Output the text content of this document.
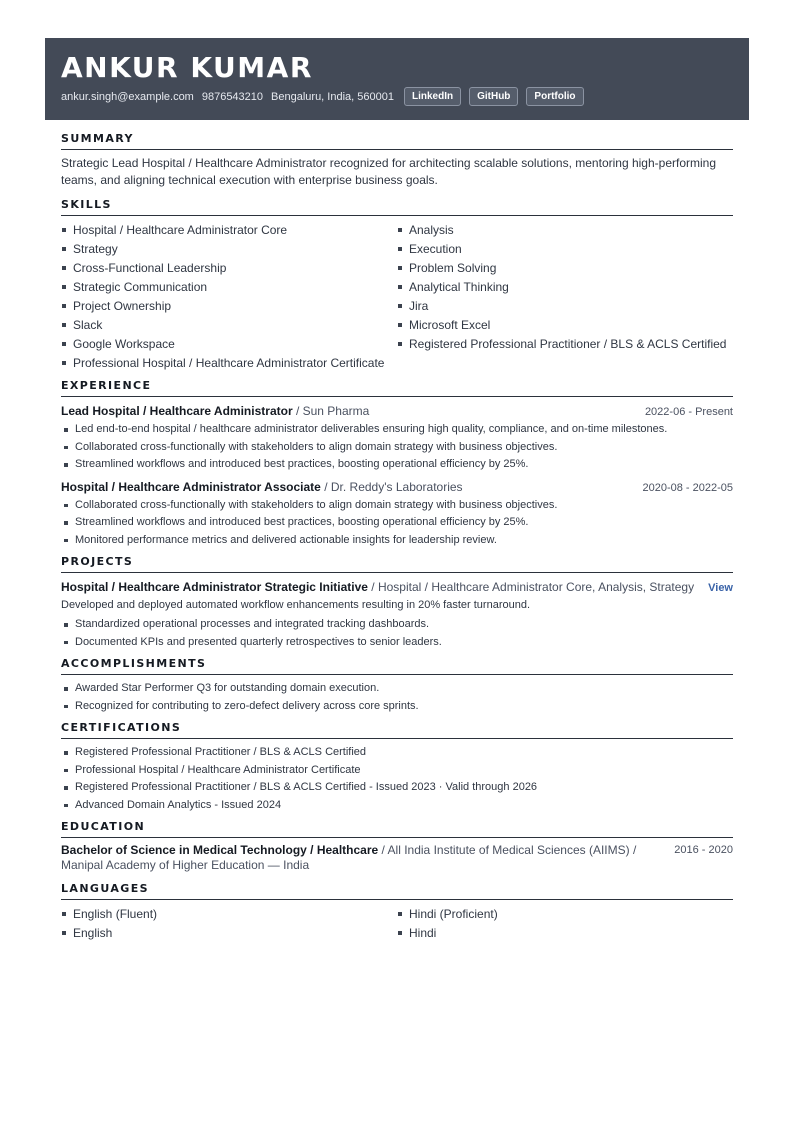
ANKUR KUMAR
ankur.singh@example.com 9876543210 Bengaluru, India, 560001	LinkedIn	GitHub	Portfolio
SUMMARY
Strategic Lead Hospital / Healthcare Administrator recognized for architecting scalable solutions, mentoring high-performing teams, and aligning technical execution with enterprise business goals.
SKILLS
Hospital / Healthcare Administrator Core
Strategy
Cross-Functional Leadership
Strategic Communication
Project Ownership
Slack
Google Workspace
Professional Hospital / Healthcare Administrator Certificate
Analysis
Execution
Problem Solving
Analytical Thinking
Jira
Microsoft Excel
Registered Professional Practitioner / BLS & ACLS Certified
EXPERIENCE
Lead Hospital / Healthcare Administrator / Sun Pharma	2022-06 - Present
Led end-to-end hospital / healthcare administrator deliverables ensuring high quality, compliance, and on-time milestones.
Collaborated cross-functionally with stakeholders to align domain strategy with business objectives.
Streamlined workflows and introduced best practices, boosting operational efficiency by 25%.
Hospital / Healthcare Administrator Associate / Dr. Reddy's Laboratories	2020-08 - 2022-05
Collaborated cross-functionally with stakeholders to align domain strategy with business objectives.
Streamlined workflows and introduced best practices, boosting operational efficiency by 25%.
Monitored performance metrics and delivered actionable insights for leadership review.
PROJECTS
Hospital / Healthcare Administrator Strategic Initiative / Hospital / Healthcare Administrator Core, Analysis, Strategy View
Developed and deployed automated workflow enhancements resulting in 20% faster turnaround.
Standardized operational processes and integrated tracking dashboards.
Documented KPIs and presented quarterly retrospectives to senior leaders.
ACCOMPLISHMENTS
Awarded Star Performer Q3 for outstanding domain execution.
Recognized for contributing to zero-defect delivery across core sprints.
CERTIFICATIONS
Registered Professional Practitioner / BLS & ACLS Certified
Professional Hospital / Healthcare Administrator Certificate
Registered Professional Practitioner / BLS & ACLS Certified - Issued 2023 · Valid through 2026
Advanced Domain Analytics - Issued 2024
EDUCATION
Bachelor of Science in Medical Technology / Healthcare / All India Institute of Medical Sciences (AIIMS) / Manipal Academy of Higher Education — India
2016 - 2020
LANGUAGES
English (Fluent)
English
Hindi (Proficient)
Hindi
